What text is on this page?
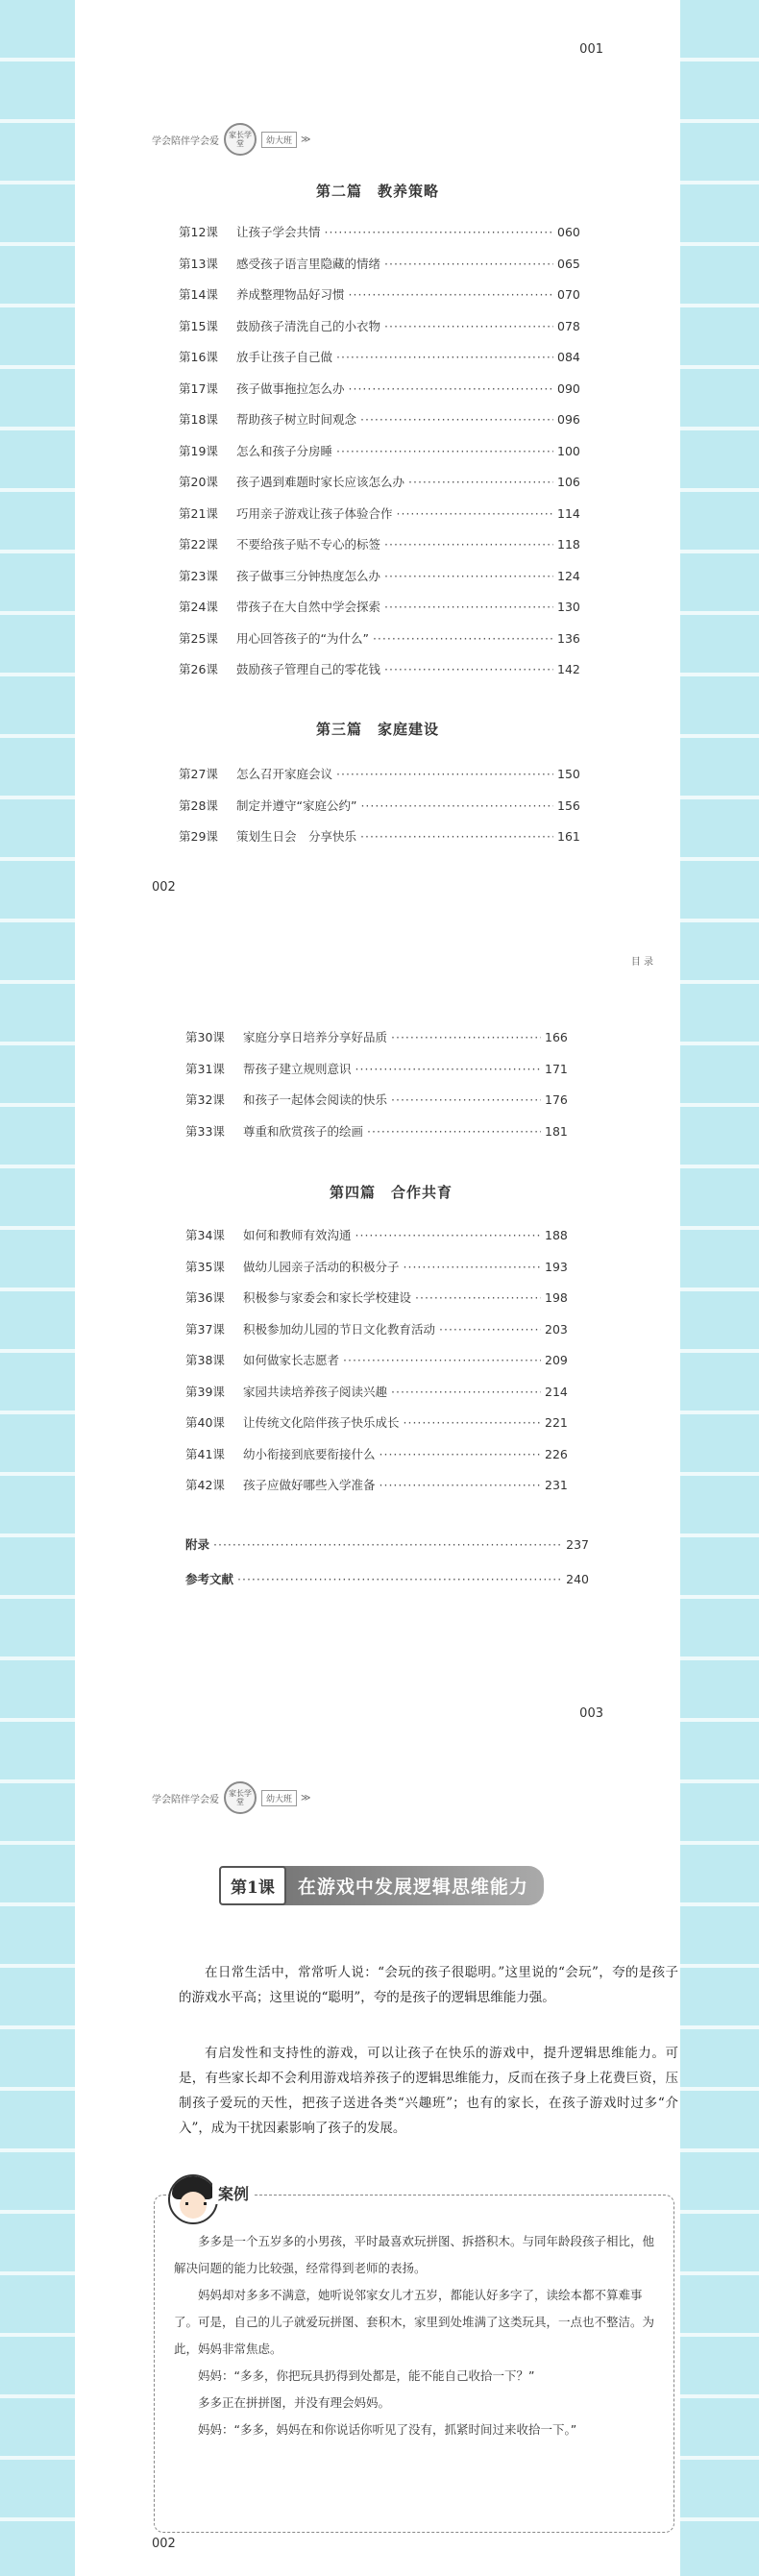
001
学会陪伴学会爱
家长学堂	幼大班 ≫
第二篇　教养策略
第12课	让孩子学会共情 ·····	060
第13课	感受孩子语言里隐藏的情绪 ·····	065
第14课	养成整理物品好习惯 ·····	070
第15课	鼓励孩子清洗自己的小衣物 ·····	078
第16课	放手让孩子自己做 ·····	084
第17课	孩子做事拖拉怎么办 ·····	090
第18课	帮助孩子树立时间观念 ·····	096
第19课	怎么和孩子分房睡 ·····	100
第20课	孩子遇到难题时家长应该怎么办 ·····	106
第21课	巧用亲子游戏让孩子体验合作 ·····	114
第22课	不要给孩子贴不专心的标签 ·····	118
第23课	孩子做事三分钟热度怎么办 ·····	124
第24课	带孩子在大自然中学会探索 ·····	130
第25课	用心回答孩子的“为什么” ·····	136
第26课	鼓励孩子管理自己的零花钱 ·····	142
第三篇　家庭建设
第27课	怎么召开家庭会议 ·····	150
第28课	制定并遵守“家庭公约” ·····	156
第29课	策划生日会　分享快乐 ·····	161
002
目 录
第30课	家庭分享日培养分享好品质 ·····	166
第31课	帮孩子建立规则意识 ·····	171
第32课	和孩子一起体会阅读的快乐 ·····	176
第33课	尊重和欣赏孩子的绘画 ·····	181
第四篇　合作共育
第34课	如何和教师有效沟通 ·····	188
第35课	做幼儿园亲子活动的积极分子 ·····	193
第36课	积极参与家委会和家长学校建设 ·····	198
第37课	积极参加幼儿园的节日文化教育活动 ·····	203
第38课	如何做家长志愿者 ·····	209
第39课	家园共读培养孩子阅读兴趣 ·····	214
第40课	让传统文化陪伴孩子快乐成长 ·····	221
第41课	幼小衔接到底要衔接什么 ·····	226
第42课	孩子应做好哪些入学准备 ·····	231
附录 ·····	237
参考文献 ·····	240
003
学会陪伴学会爱
家长学堂	幼大班 ≫
第1课	在游戏中发展逻辑思维能力

在日常生活中，常常听人说：“会玩的孩子很聪明。”这里说的“会玩”，夸的是孩子的游戏水平高；这里说的“聪明”，夸的是孩子的逻辑思维能力强。

有启发性和支持性的游戏，可以让孩子在快乐的游戏中，提升逻辑思维能力。可是，有些家长却不会利用游戏培养孩子的逻辑思维能力，反而在孩子身上花费巨资，压制孩子爱玩的天性，把孩子送进各类“兴趣班”；也有的家长，在孩子游戏时过多“介入”，成为干扰因素影响了孩子的发展。

案例

多多是一个五岁多的小男孩，平时最喜欢玩拼图、拆搭积木。与同年龄段孩子相比，他解决问题的能力比较强，经常得到老师的表扬。

妈妈却对多多不满意，她听说邻家女儿才五岁，都能认好多字了，读绘本都不算难事了。可是，自己的儿子就爱玩拼图、套积木，家里到处堆满了这类玩具，一点也不整洁。为此，妈妈非常焦虑。

妈妈：“多多，你把玩具扔得到处都是，能不能自己收拾一下？”

多多正在拼拼图，并没有理会妈妈。

妈妈：“多多，妈妈在和你说话你听见了没有，抓紧时间过来收拾一下。”

002
